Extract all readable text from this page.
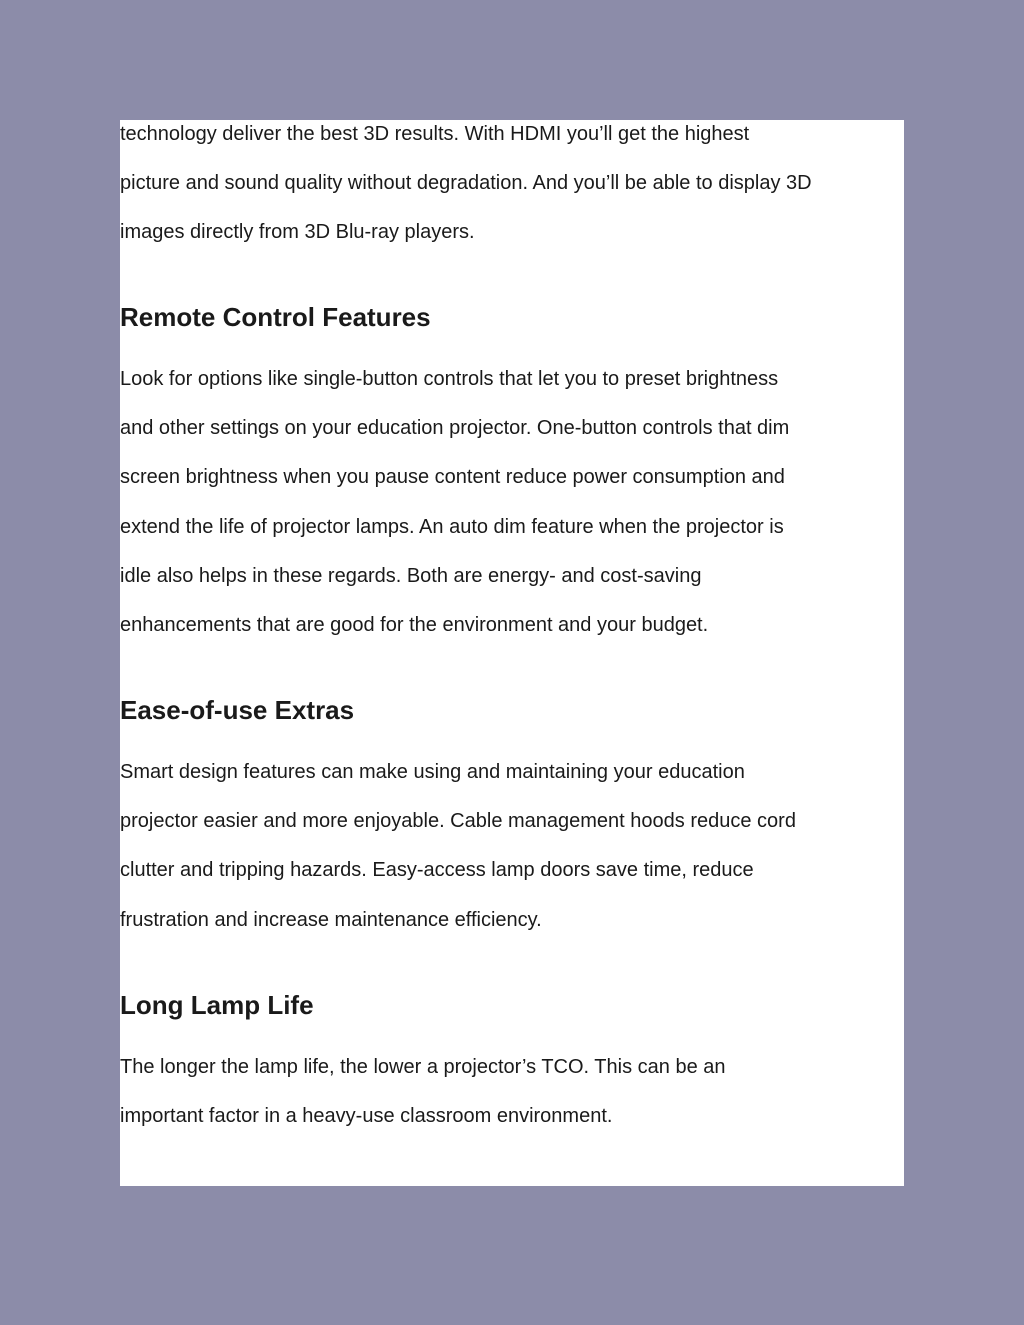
technology deliver the best 3D results. With HDMI you’ll get the highest
picture and sound quality without degradation. And you’ll be able to display 3D
images directly from 3D Blu-ray players.

Remote Control Features

Look for options like single-button controls that let you to preset brightness
and other settings on your education projector. One-button controls that dim
screen brightness when you pause content reduce power consumption and
extend the life of projector lamps. An auto dim feature when the projector is
idle also helps in these regards. Both are energy- and cost-saving
enhancements that are good for the environment and your budget.

Ease-of-use Extras

Smart design features can make using and maintaining your education
projector easier and more enjoyable. Cable management hoods reduce cord
clutter and tripping hazards. Easy-access lamp doors save time, reduce
frustration and increase maintenance efficiency.

Long Lamp Life

The longer the lamp life, the lower a projector’s TCO. This can be an
important factor in a heavy-use classroom environment.
